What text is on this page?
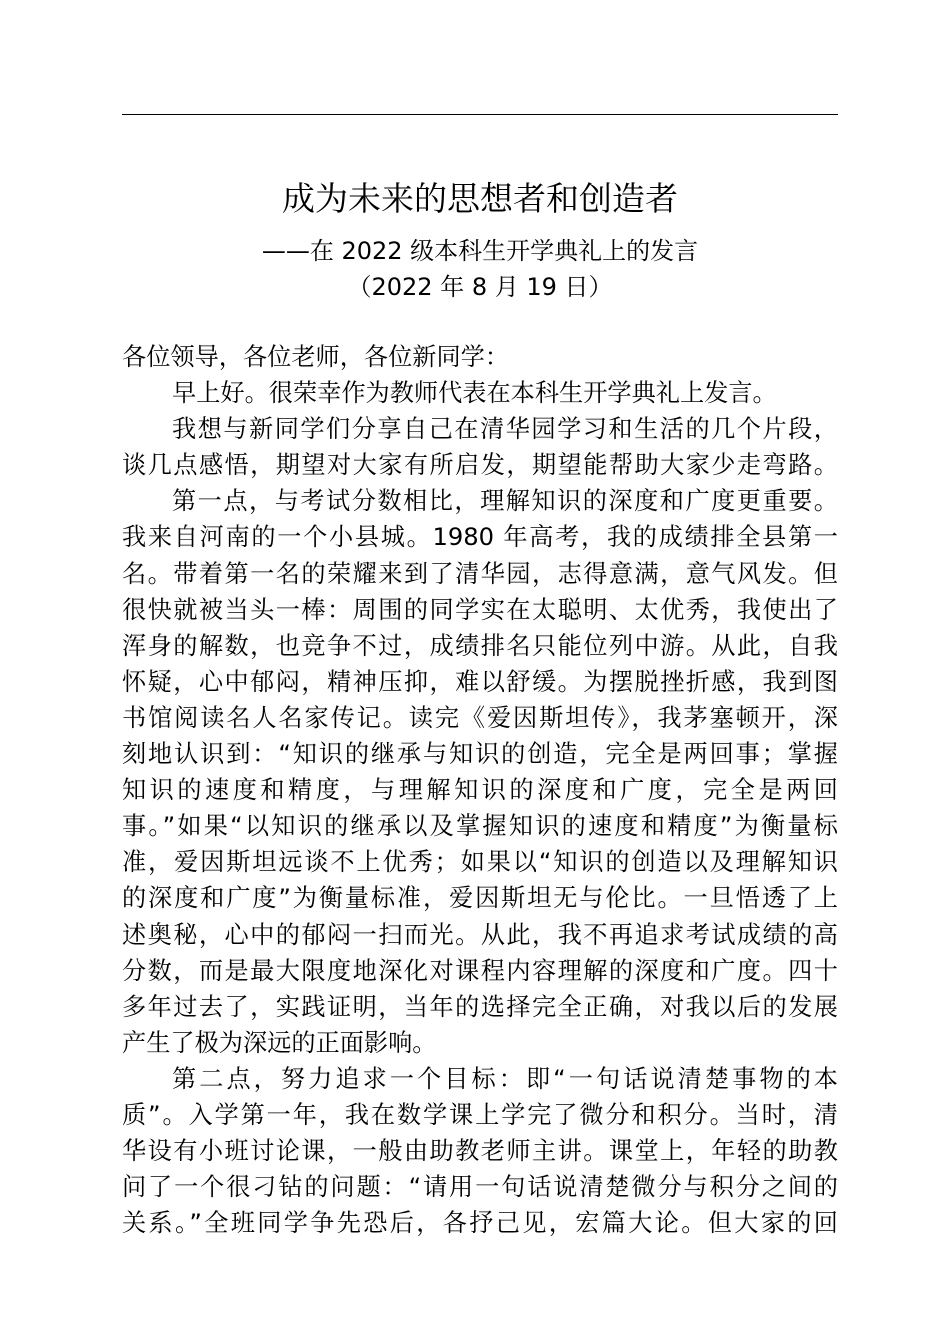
成为未来的思想者和创造者
——在 2022 级本科生开学典礼上的发言
（2022 年 8 月 19 日）
各位领导，各位老师，各位新同学：
早上好。很荣幸作为教师代表在本科生开学典礼上发言。
我想与新同学们分享自己在清华园学习和生活的几个片段，
谈几点感悟，期望对大家有所启发，期望能帮助大家少走弯路。
第一点，与考试分数相比，理解知识的深度和广度更重要。
我来自河南的一个小县城。1980 年高考，我的成绩排全县第一
名。带着第一名的荣耀来到了清华园，志得意满，意气风发。但
很快就被当头一棒：周围的同学实在太聪明、太优秀，我使出了
浑身的解数，也竞争不过，成绩排名只能位列中游。从此，自我
怀疑，心中郁闷，精神压抑，难以舒缓。为摆脱挫折感，我到图
书馆阅读名人名家传记。读完《爱因斯坦传》，我茅塞顿开，深
刻地认识到：“知识的继承与知识的创造，完全是两回事；掌握
知识的速度和精度，与理解知识的深度和广度，完全是两回
事。”如果“以知识的继承以及掌握知识的速度和精度”为衡量标
准，爱因斯坦远谈不上优秀；如果以“知识的创造以及理解知识
的深度和广度”为衡量标准，爱因斯坦无与伦比。一旦悟透了上
述奥秘，心中的郁闷一扫而光。从此，我不再追求考试成绩的高
分数，而是最大限度地深化对课程内容理解的深度和广度。四十
多年过去了，实践证明，当年的选择完全正确，对我以后的发展
产生了极为深远的正面影响。
第二点，努力追求一个目标：即“一句话说清楚事物的本
质”。入学第一年，我在数学课上学完了微分和积分。当时，清
华设有小班讨论课，一般由助教老师主讲。课堂上，年轻的助教
问了一个很刁钻的问题：“请用一句话说清楚微分与积分之间的
关系。”全班同学争先恐后，各抒己见，宏篇大论。但大家的回
